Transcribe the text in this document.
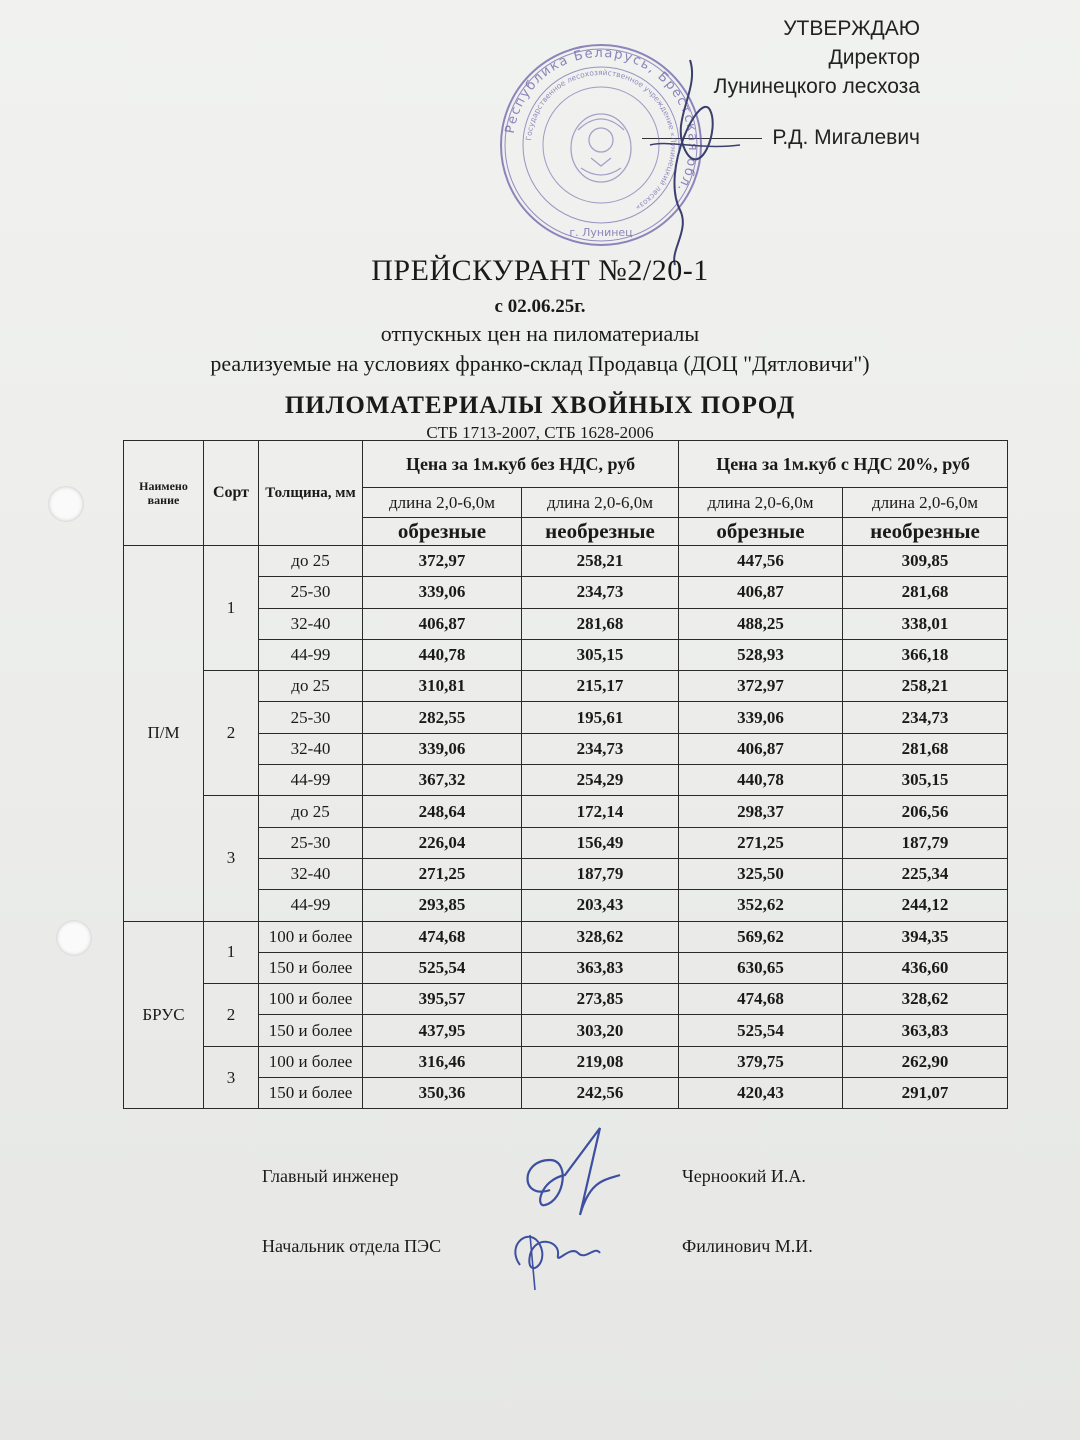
УТВЕРЖДАЮ
Директор
Лунинецкого лесхоза
Р.Д. Мигалевич
Республика Беларусь, Брестская обл.
Государственное лесохозяйственное учреждение «Лунинецкий лесхоз»
г. Лунинец
ПРЕЙСКУРАНТ №2/20-1
с 02.06.25г.
отпускных цен на пиломатериалы
реализуемые на условиях франко-склад Продавца (ДОЦ "Дятловичи")
ПИЛОМАТЕРИАЛЫ ХВОЙНЫХ ПОРОД
СТБ 1713-2007, СТБ 1628-2006
Наимено вание	Сорт	Толщина, мм	Цена за 1м.куб без НДС, руб		Цена за 1м.куб с НДС 20%, руб	
			длина 2,0-6,0м	длина 2,0-6,0м	длина 2,0-6,0м	длина 2,0-6,0м
			обрезные	необрезные	обрезные	необрезные
П/М	1	до 25	372,97	258,21	447,56	309,85
		25-30	339,06	234,73	406,87	281,68
		32-40	406,87	281,68	488,25	338,01
		44-99	440,78	305,15	528,93	366,18
	2	до 25	310,81	215,17	372,97	258,21
		25-30	282,55	195,61	339,06	234,73
		32-40	339,06	234,73	406,87	281,68
		44-99	367,32	254,29	440,78	305,15
	3	до 25	248,64	172,14	298,37	206,56
		25-30	226,04	156,49	271,25	187,79
		32-40	271,25	187,79	325,50	225,34
		44-99	293,85	203,43	352,62	244,12
БРУС	1	100 и более	474,68	328,62	569,62	394,35
		150 и более	525,54	363,83	630,65	436,60
	2	100 и более	395,57	273,85	474,68	328,62
		150 и более	437,95	303,20	525,54	363,83
	3	100 и более	316,46	219,08	379,75	262,90
		150 и более	350,36	242,56	420,43	291,07
Главный инженер	Черноокий И.А.
Начальник отдела ПЭС	Филинович М.И.
